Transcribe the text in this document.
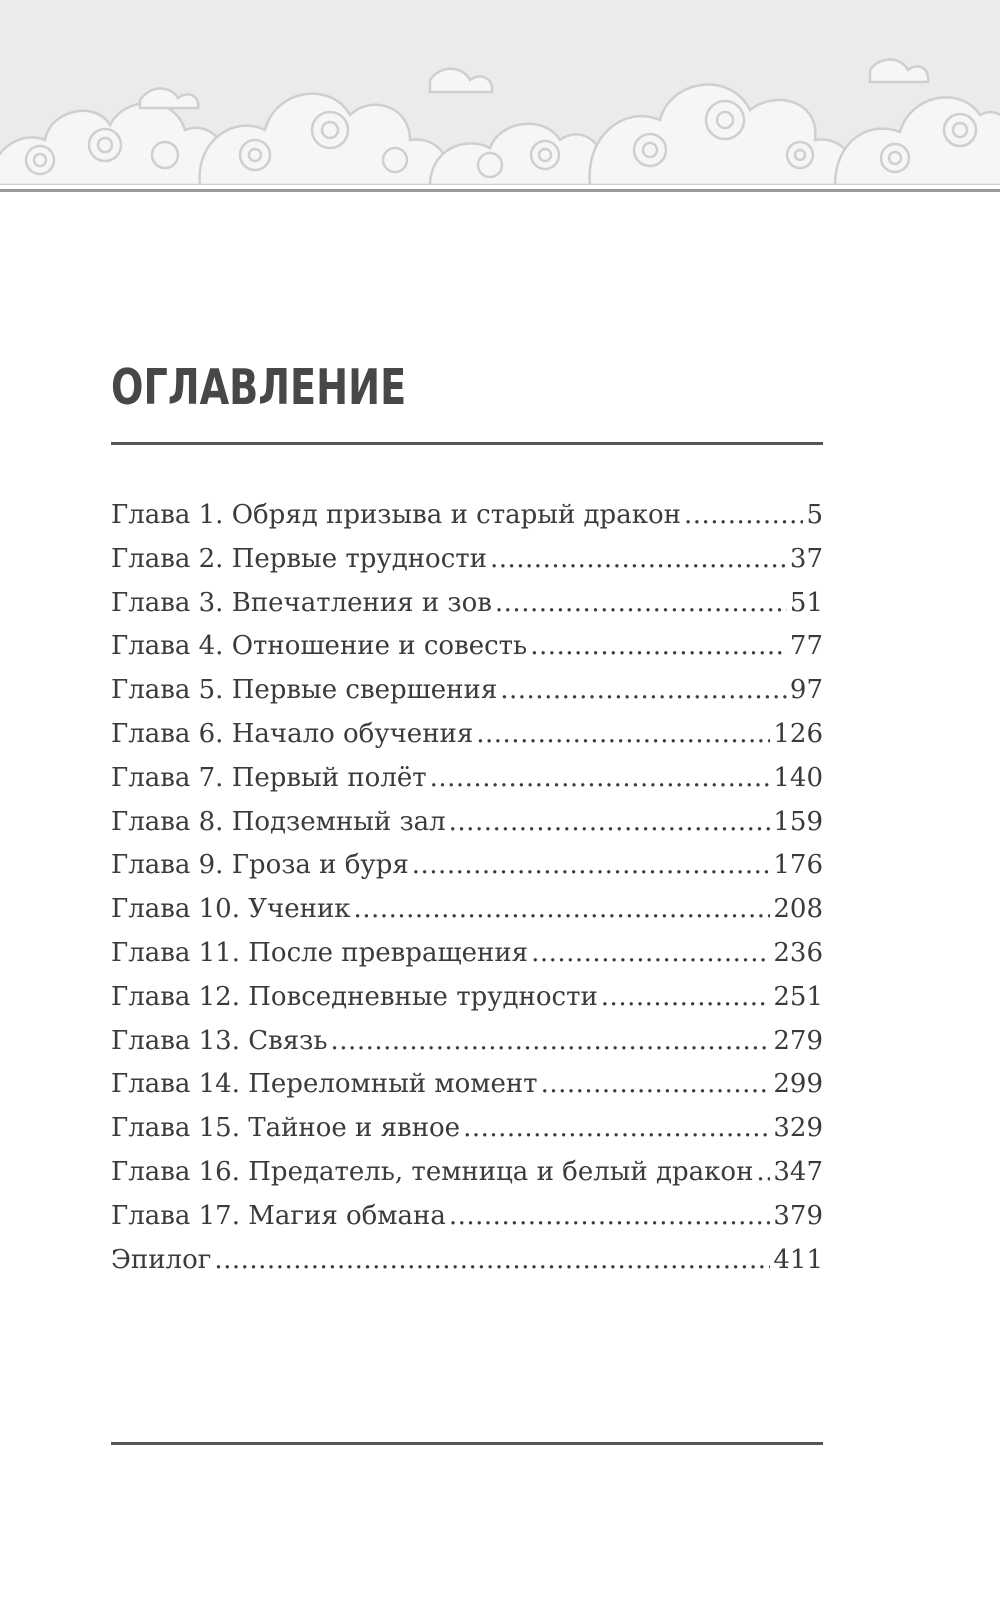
ОГЛАВЛЕНИЕ
Глава 1. Обряд призыва и старый дракон .....	5
Глава 2. Первые трудности .....	37
Глава 3. Впечатления и зов .....	51
Глава 4. Отношение и совесть .....	77
Глава 5. Первые свершения .....	97
Глава 6. Начало обучения .....	126
Глава 7. Первый полёт .....	140
Глава 8. Подземный зал .....	159
Глава 9. Гроза и буря .....	176
Глава 10. Ученик .....	208
Глава 11. После превращения .....	236
Глава 12. Повседневные трудности .....	251
Глава 13. Связь .....	279
Глава 14. Переломный момент .....	299
Глава 15. Тайное и явное .....	329
Глава 16. Предатель, темница и белый дракон ..... 347
Глава 17. Магия обмана .....	379
Эпилог .....	411
